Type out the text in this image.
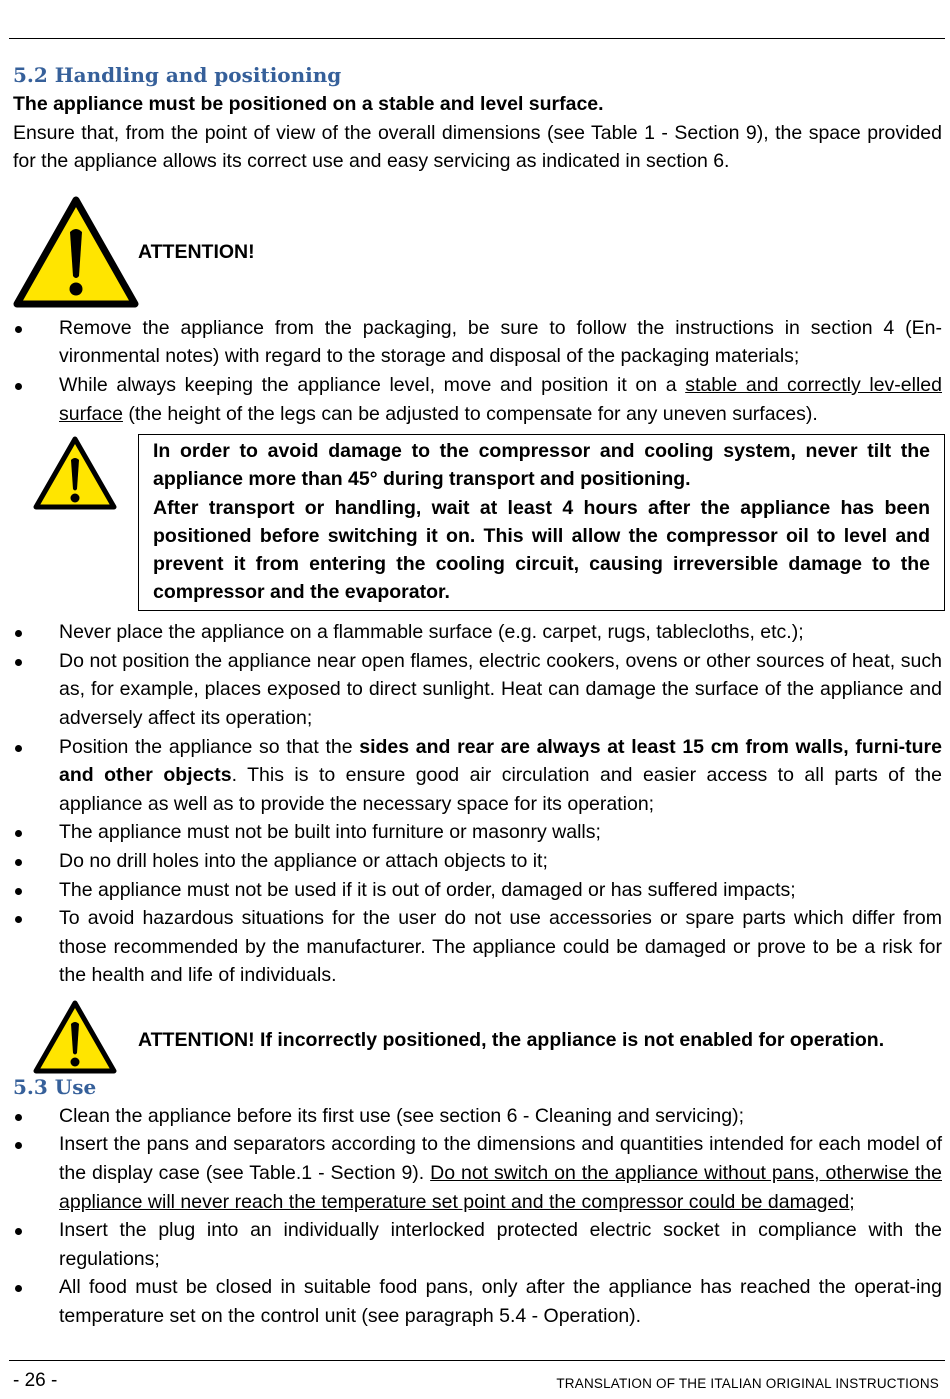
5.2 Handling and positioning

The appliance must be positioned on a stable and level surface.

Ensure that, from the point of view of the overall dimensions (see Table 1 - Section 9), the space provided for the appliance allows its correct use and easy servicing as indicated in section 6.

ATTENTION!
Remove the appliance from the packaging, be sure to follow the instructions in section 4 (En-vironmental notes) with regard to the storage and disposal of the packaging materials;
While always keeping the appliance level, move and position it on a stable and correctly lev-elled surface (the height of the legs can be adjusted to compensate for any uneven surfaces).
In order to avoid damage to the compressor and cooling system, never tilt the appliance more than 45° during transport and positioning.
After transport or handling, wait at least 4 hours after the appliance has been positioned before switching it on. This will allow the compressor oil to level and prevent it from entering the cooling circuit, causing irreversible damage to the compressor and the evaporator.
Never place the appliance on a flammable surface (e.g. carpet, rugs, tablecloths, etc.);
Do not position the appliance near open flames, electric cookers, ovens or other sources of heat, such as, for example, places exposed to direct sunlight. Heat can damage the surface of the appliance and adversely affect its operation;
Position the appliance so that the sides and rear are always at least 15 cm from walls, furni-ture and other objects. This is to ensure good air circulation and easier access to all parts of the appliance as well as to provide the necessary space for its operation;
The appliance must not be built into furniture or masonry walls;
Do no drill holes into the appliance or attach objects to it;
The appliance must not be used if it is out of order, damaged or has suffered impacts;
To avoid hazardous situations for the user do not use accessories or spare parts which differ from those recommended by the manufacturer. The appliance could be damaged or prove to be a risk for the health and life of individuals.
ATTENTION! If incorrectly positioned, the appliance is not enabled for operation.
5.3 Use
Clean the appliance before its first use (see section 6 - Cleaning and servicing);
Insert the pans and separators according to the dimensions and quantities intended for each model of the display case (see Table.1 - Section 9). Do not switch on the appliance without pans, otherwise the appliance will never reach the temperature set point and the compressor could be damaged;
Insert the plug into an individually interlocked protected electric socket in compliance with the regulations;
All food must be closed in suitable food pans, only after the appliance has reached the operat-ing temperature set on the control unit (see paragraph 5.4 - Operation).
- 26 -	TRANSLATION OF THE ITALIAN ORIGINAL INSTRUCTIONS
